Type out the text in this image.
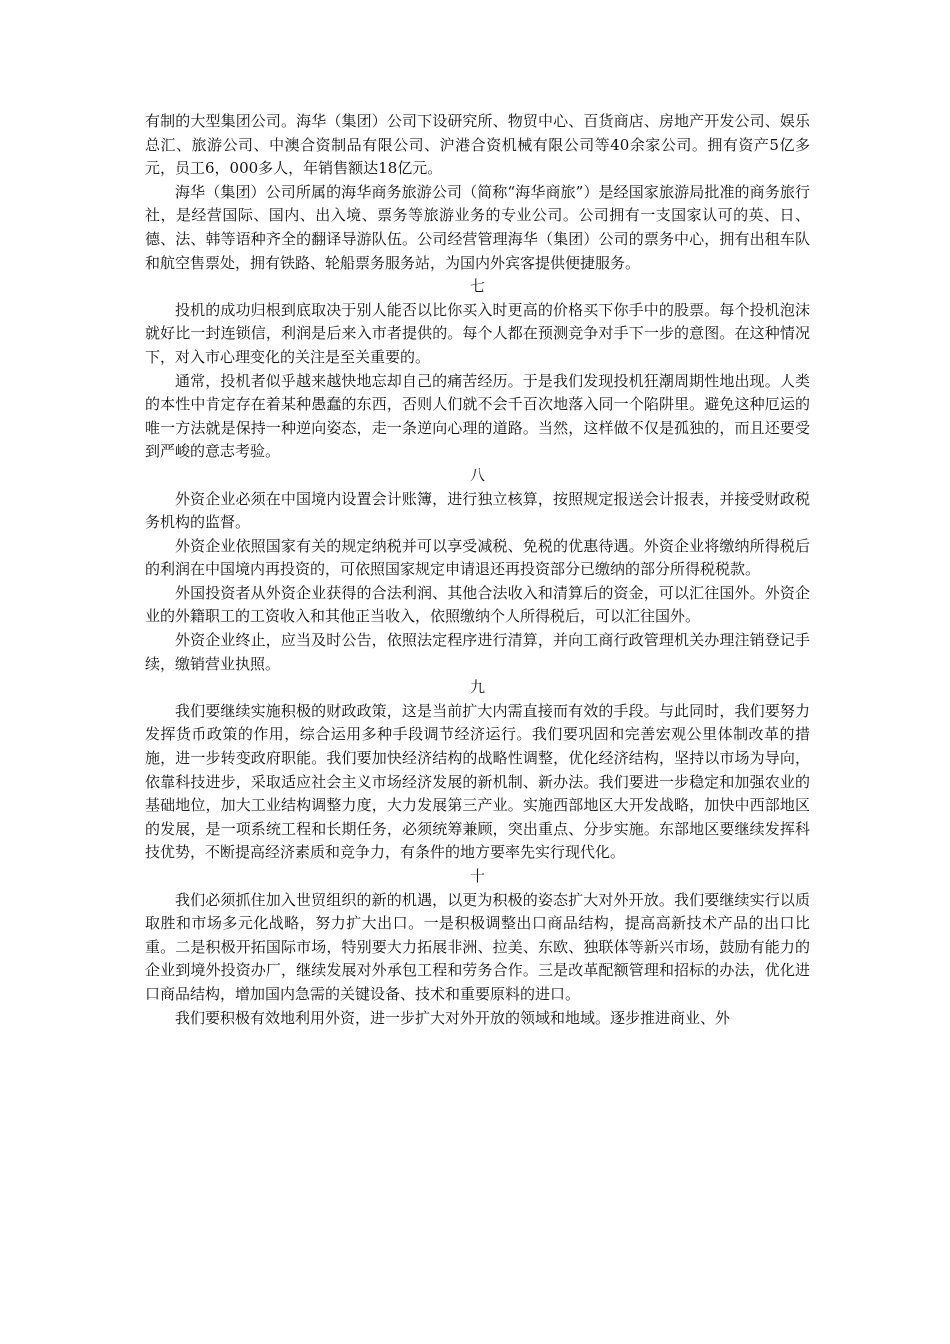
有制的大型集团公司。海华（集团）公司下设研究所、物贸中心、百货商店、房地产开发公司、娱乐总汇、旅游公司、中澳合资制品有限公司、沪港合资机械有限公司等40余家公司。拥有资产5亿多元，员工6，000多人，年销售额达18亿元。

海华（集团）公司所属的海华商务旅游公司（简称“海华商旅”）是经国家旅游局批准的商务旅行社，是经营国际、国内、出入境、票务等旅游业务的专业公司。公司拥有一支国家认可的英、日、德、法、韩等语种齐全的翻译导游队伍。公司经营管理海华（集团）公司的票务中心，拥有出租车队和航空售票处，拥有铁路、轮船票务服务站，为国内外宾客提供便捷服务。

七

投机的成功归根到底取决于别人能否以比你买入时更高的价格买下你手中的股票。每个投机泡沫就好比一封连锁信，利润是后来入市者提供的。每个人都在预测竞争对手下一步的意图。在这种情况下，对入市心理变化的关注是至关重要的。

通常，投机者似乎越来越快地忘却自己的痛苦经历。于是我们发现投机狂潮周期性地出现。人类的本性中肯定存在着某种愚蠢的东西，否则人们就不会千百次地落入同一个陷阱里。避免这种厄运的唯一方法就是保持一种逆向姿态，走一条逆向心理的道路。当然，这样做不仅是孤独的，而且还要受到严峻的意志考验。

八

外资企业必须在中国境内设置会计账簿，进行独立核算，按照规定报送会计报表，并接受财政税务机构的监督。

外资企业依照国家有关的规定纳税并可以享受减税、免税的优惠待遇。外资企业将缴纳所得税后的利润在中国境内再投资的，可依照国家规定申请退还再投资部分已缴纳的部分所得税税款。

外国投资者从外资企业获得的合法利润、其他合法收入和清算后的资金，可以汇往国外。外资企业的外籍职工的工资收入和其他正当收入，依照缴纳个人所得税后，可以汇往国外。

外资企业终止，应当及时公告，依照法定程序进行清算，并向工商行政管理机关办理注销登记手续，缴销营业执照。

九

我们要继续实施积极的财政政策，这是当前扩大内需直接而有效的手段。与此同时，我们要努力发挥货币政策的作用，综合运用多种手段调节经济运行。我们要巩固和完善宏观公里体制改革的措施，进一步转变政府职能。我们要加快经济结构的战略性调整，优化经济结构，坚持以市场为导向，依靠科技进步，采取适应社会主义市场经济发展的新机制、新办法。我们要进一步稳定和加强农业的基础地位，加大工业结构调整力度，大力发展第三产业。实施西部地区大开发战略，加快中西部地区的发展，是一项系统工程和长期任务，必须统筹兼顾，突出重点、分步实施。东部地区要继续发挥科技优势，不断提高经济素质和竞争力，有条件的地方要率先实行现代化。

十

我们必须抓住加入世贸组织的新的机遇，以更为积极的姿态扩大对外开放。我们要继续实行以质取胜和市场多元化战略，努力扩大出口。一是积极调整出口商品结构，提高高新技术产品的出口比重。二是积极开拓国际市场，特别要大力拓展非洲、拉美、东欧、独联体等新兴市场，鼓励有能力的企业到境外投资办厂，继续发展对外承包工程和劳务合作。三是改革配额管理和招标的办法，优化进口商品结构，增加国内急需的关键设备、技术和重要原料的进口。

我们要积极有效地利用外资，进一步扩大对外开放的领域和地域。逐步推进商业、外
